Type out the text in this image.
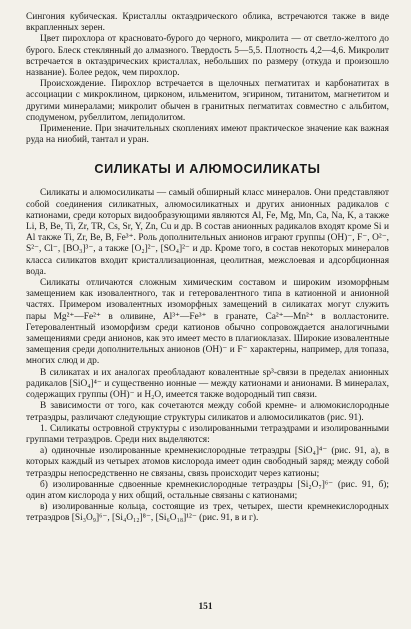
Сингония кубическая. Кристаллы октаэдрического облика, встречаются также в виде вкрапленных зерен.

Цвет пирохлора от красновато-бурого до черного, микролита — от светло-желтого до бурого. Блеск стеклянный до алмазного. Твердость 5—5,5. Плотность 4,2—4,6. Микролит встречается в октаэдрических кристаллах, небольших по размеру (откуда и произошло название). Более редок, чем пирохлор.

Происхождение. Пирохлор встречается в щелочных пегматитах и карбонатитах в ассоциации с микроклином, цирконом, ильменитом, эгирином, титанитом, магнетитом и другими минералами; микролит обычен в гранитных пегматитах совместно с альбитом, сподуменом, рубеллитом, лепидолитом.

Применение. При значительных скоплениях имеют практическое значение как важная руда на ниобий, тантал и уран.

СИЛИКАТЫ И АЛЮМОСИЛИКАТЫ

Силикаты и алюмосиликаты — самый обширный класс минералов. Они представляют собой соединения силикатных, алюмосиликатных и других анионных радикалов с катионами, среди которых видообразующими являются Al, Fe, Mg, Mn, Ca, Na, K, а также Li, B, Be, Ti, Zr, TR, Cs, Sr, Y, Zn, Cu и др. В состав анионных радикалов входят кроме Si и Al также Ti, Zr, Be, B, Fe³⁺. Роль дополнительных анионов играют группы (OH)⁻, F⁻, O²⁻, S²⁻, Cl⁻, [BO₃]³⁻, а также [O₂]²⁻, [SO₄]²⁻ и др. Кроме того, в состав некоторых минералов класса силикатов входит кристаллизационная, цеолитная, межслоевая и адсорбционная вода.

Силикаты отличаются сложным химическим составом и широким изоморфным замещением как изовалентного, так и гетеровалентного типа в катионной и анионной частях. Примером изовалентных изоморфных замещений в силикатах могут служить пары Mg²⁺—Fe²⁺ в оливине, Al³⁺—Fe³⁺ в гранате, Ca²⁺—Mn²⁺ в волластоните. Гетеровалентный изоморфизм среди катионов обычно сопровождается аналогичными замещениями среди анионов, как это имеет место в плагиоклазах. Широкие изовалентные замещения среди дополнительных анионов (OH)⁻ и F⁻ характерны, например, для топаза, многих слюд и др.

В силикатах и их аналогах преобладают ковалентные sp³-связи в пределах анионных радикалов [SiO₄]⁴⁻ и существенно ионные — между катионами и анионами. В минералах, содержащих группы (OH)⁻ и H₂O, имеется также водородный тип связи.

В зависимости от того, как сочетаются между собой кремне- и алюмокислородные тетраэдры, различают следующие структуры силикатов и алюмосиликатов (рис. 91).

1. Силикаты островной структуры с изолированными тетраэдрами и изолированными группами тетраэдров. Среди них выделяются:

а) одиночные изолированные кремнекислородные тетраэдры [SiO₄]⁴⁻ (рис. 91, а), в которых каждый из четырех атомов кислорода имеет один свободный заряд; между собой тетраэдры непосредственно не связаны, связь происходит через катионы;

б) изолированные сдвоенные кремнекислородные тетраэдры [Si₂O₇]⁶⁻ (рис. 91, б); один атом кислорода у них общий, остальные связаны с катионами;

в) изолированные кольца, состоящие из трех, четырех, шести кремнекислородных тетраэдров [Si₃O₉]⁶⁻, [Si₄O₁₂]⁸⁻, [Si₆O₁₈]¹²⁻ (рис. 91, в и г).

151
